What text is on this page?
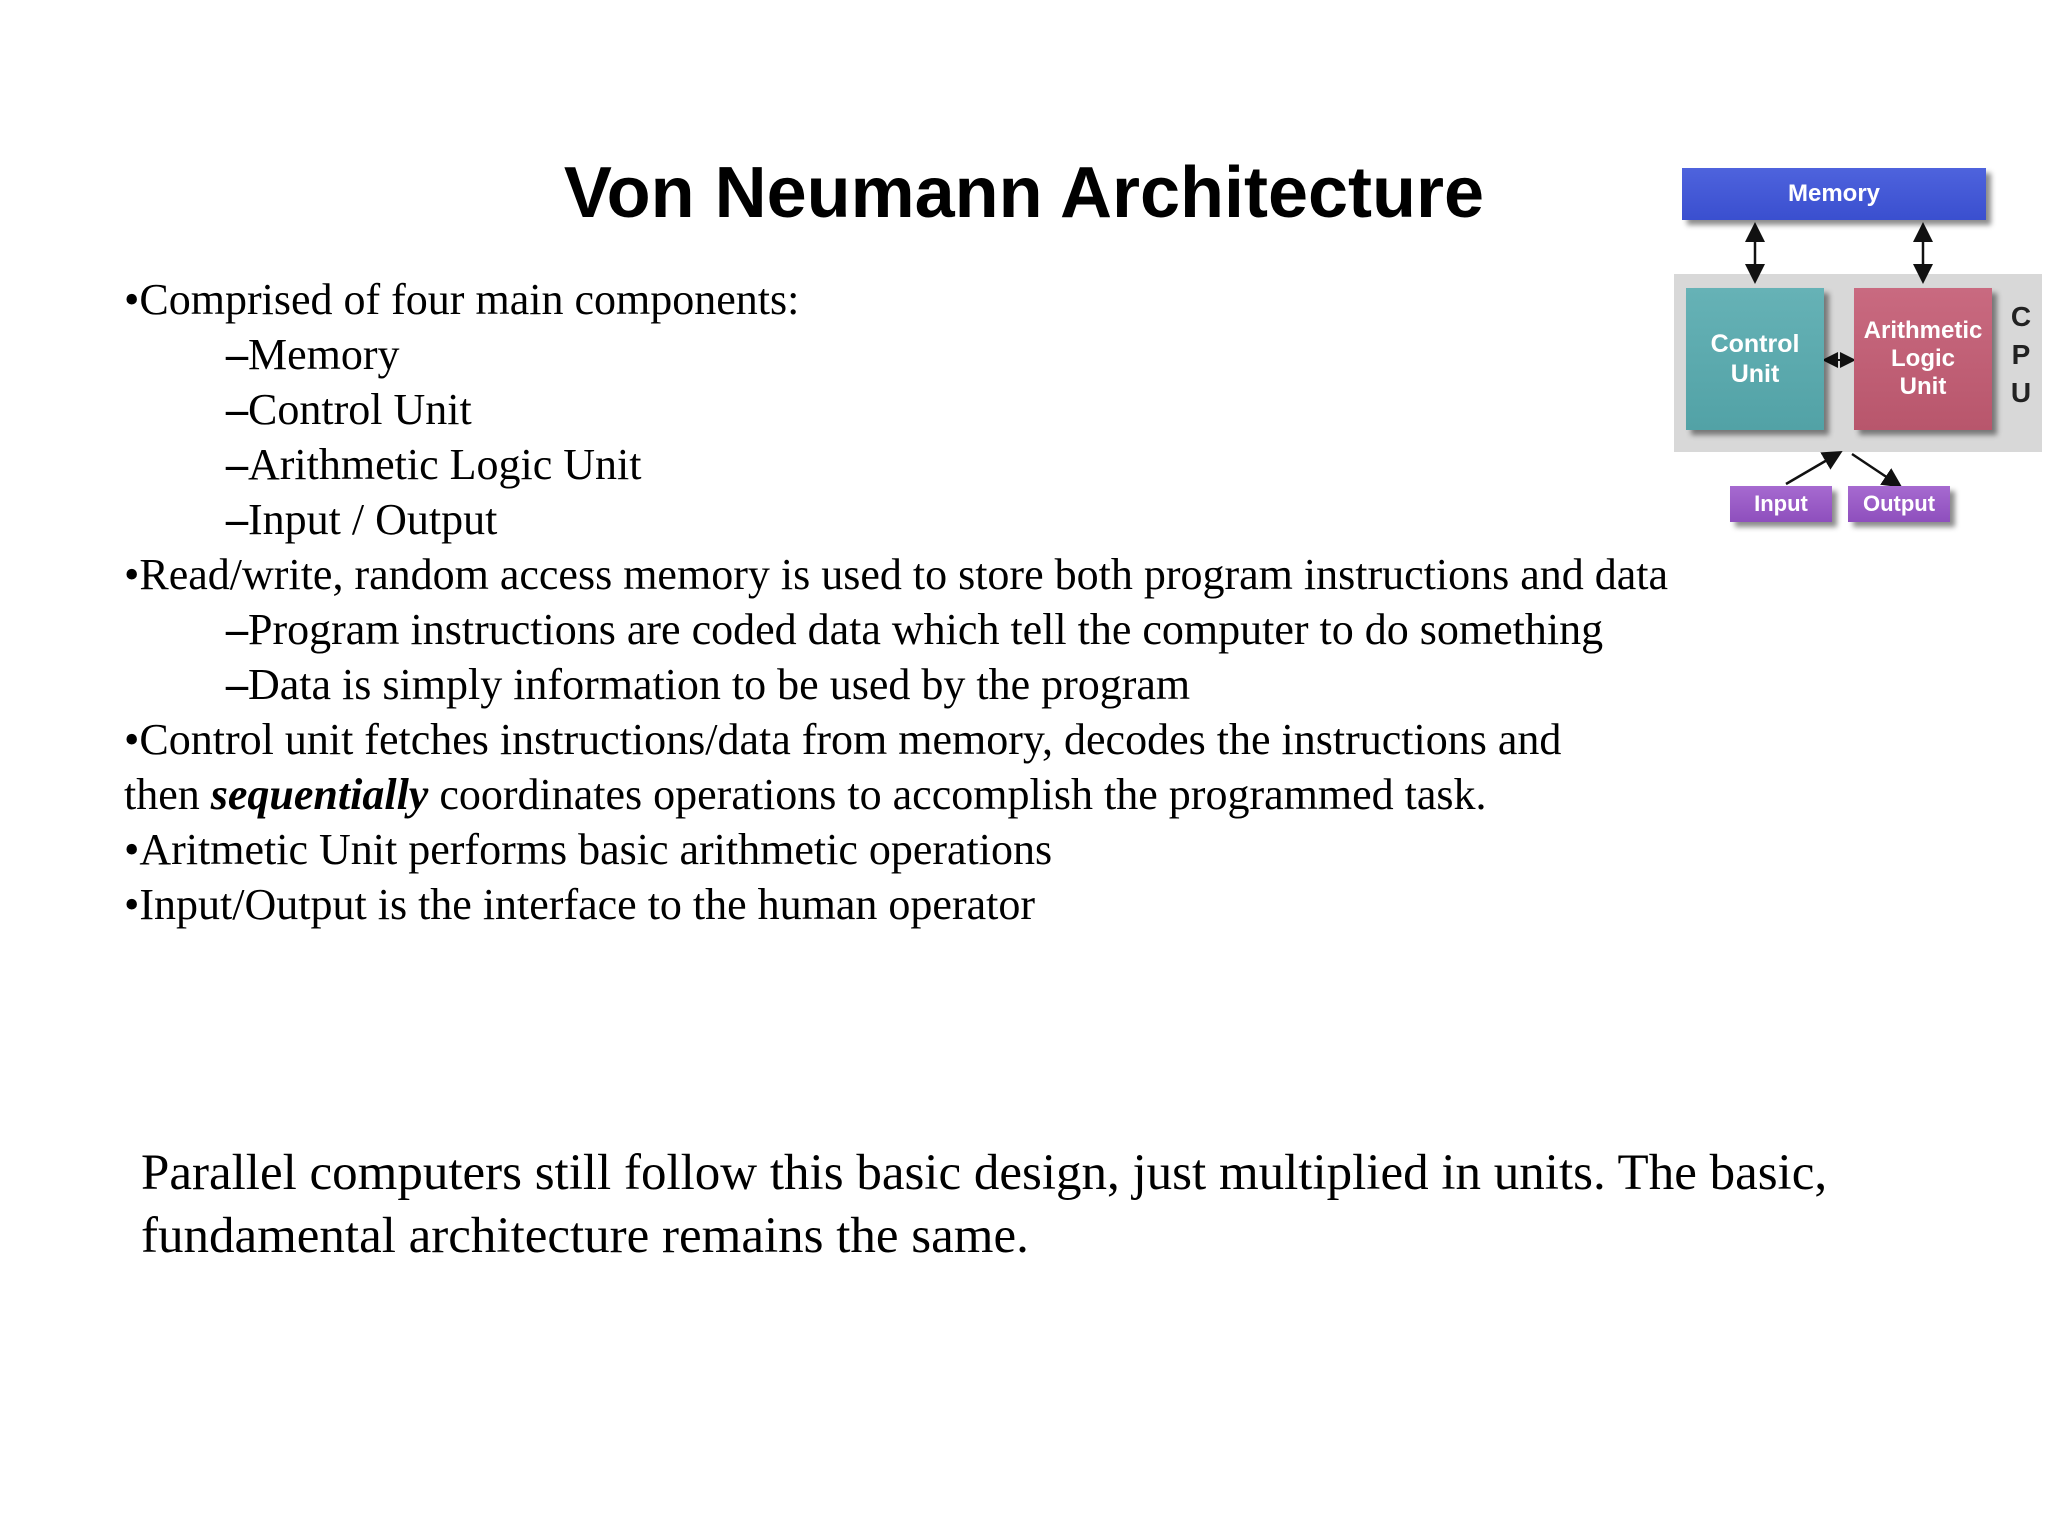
Von Neumann Architecture
•Comprised of four main components:
–Memory
–Control Unit
–Arithmetic Logic Unit
–Input / Output
•Read/write, random access memory is used to store both program instructions and data
–Program instructions are coded data which tell the computer to do something
–Data is simply information to be used by the program
•Control unit fetches instructions/data from memory, decodes the instructions and
then sequentially coordinates operations to accomplish the programmed task.
•Aritmetic Unit performs basic arithmetic operations
•Input/Output is the interface to the human operator
Parallel computers still follow this basic design, just multiplied in units. The basic,
fundamental architecture remains the same.
Memory
Control
Unit
Arithmetic
Logic
Unit
C
P
U
Input	Output
